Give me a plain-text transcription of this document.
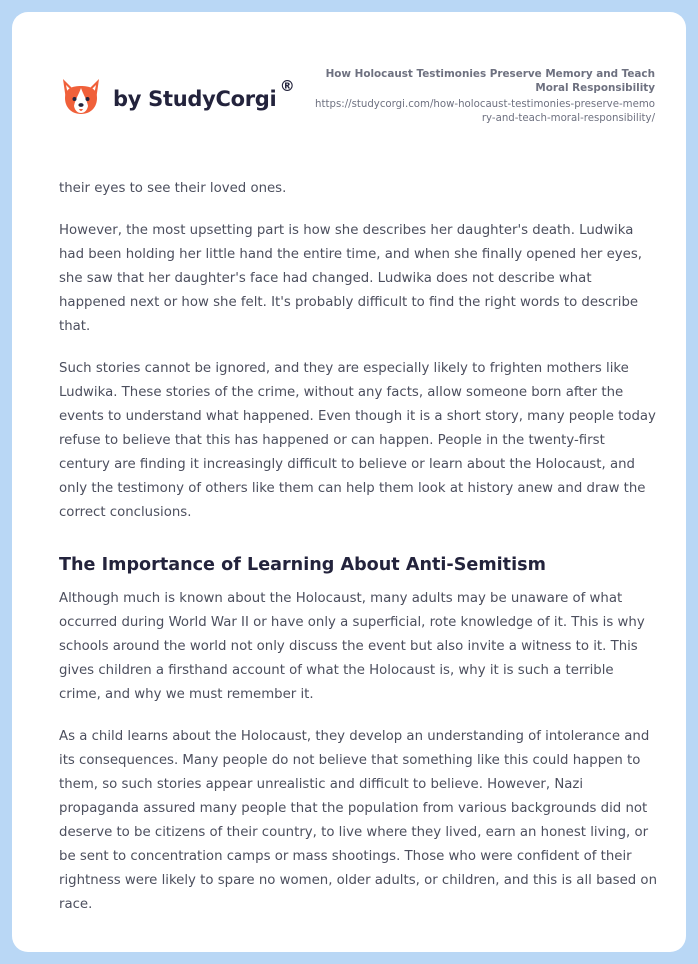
by StudyCorgi
®

How Holocaust Testimonies Preserve Memory and Teach Moral Responsibility

https://studycorgi.com/how-holocaust-testimonies-preserve-memory-and-teach-moral-responsibility/

their eyes to see their loved ones.

However, the most upsetting part is how she describes her daughter's death. Ludwika had been holding her little hand the entire time, and when she finally opened her eyes, she saw that her daughter's face had changed. Ludwika does not describe what happened next or how she felt. It's probably difficult to find the right words to describe that.

Such stories cannot be ignored, and they are especially likely to frighten mothers like Ludwika. These stories of the crime, without any facts, allow someone born after the events to understand what happened. Even though it is a short story, many people today refuse to believe that this has happened or can happen. People in the twenty-first century are finding it increasingly difficult to believe or learn about the Holocaust, and only the testimony of others like them can help them look at history anew and draw the correct conclusions.

The Importance of Learning About Anti-Semitism

Although much is known about the Holocaust, many adults may be unaware of what occurred during World War II or have only a superficial, rote knowledge of it. This is why schools around the world not only discuss the event but also invite a witness to it. This gives children a firsthand account of what the Holocaust is, why it is such a terrible crime, and why we must remember it.

As a child learns about the Holocaust, they develop an understanding of intolerance and its consequences. Many people do not believe that something like this could happen to them, so such stories appear unrealistic and difficult to believe. However, Nazi propaganda assured many people that the population from various backgrounds did not deserve to be citizens of their country, to live where they lived, earn an honest living, or be sent to concentration camps or mass shootings. Those who were confident of their rightness were likely to spare no women, older adults, or children, and this is all based on race.
